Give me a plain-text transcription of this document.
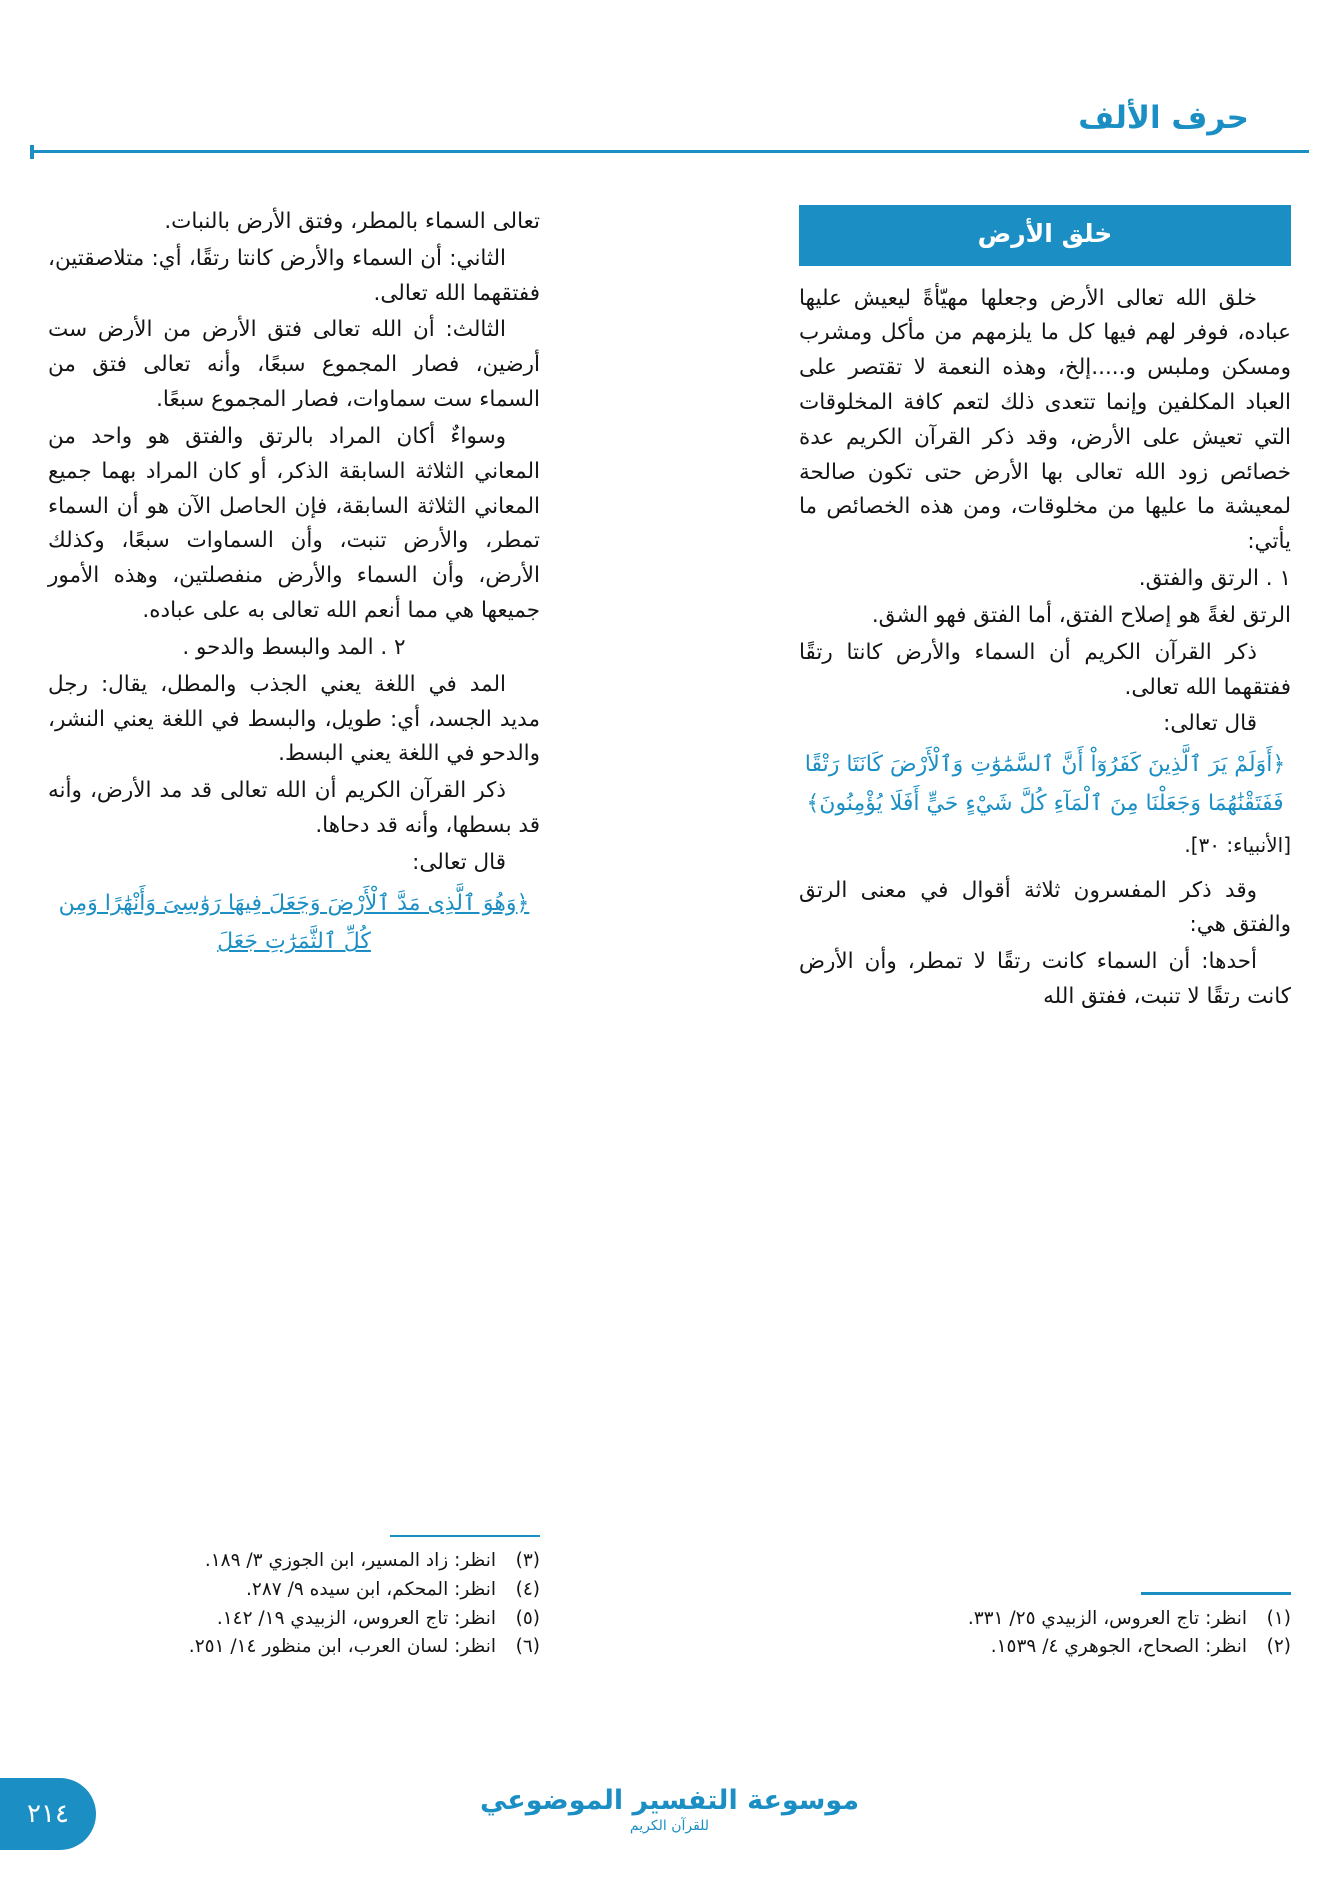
حرف الألف
خلق الأرض

خلق الله تعالى الأرض وجعلها مهيّأةً ليعيش عليها عباده، فوفر لهم فيها كل ما يلزمهم من مأكل ومشرب ومسكن وملبس و.....إلخ، وهذه النعمة لا تقتصر على العباد المكلفين وإنما تتعدى ذلك لتعم كافة المخلوقات التي تعيش على الأرض، وقد ذكر القرآن الكريم عدة خصائص زود الله تعالى بها الأرض حتى تكون صالحة لمعيشة ما عليها من مخلوقات، ومن هذه الخصائص ما يأتي:

١ . الرتق والفتق.

الرتق لغةً هو إصلاح الفتق، أما الفتق فهو الشق.

ذكر القرآن الكريم أن السماء والأرض كانتا رتقًا ففتقهما الله تعالى.

قال تعالى:

﴿أَوَلَمْ يَرَ ٱلَّذِينَ كَفَرُوٓاْ أَنَّ ٱلسَّمَٰوَٰتِ وَٱلْأَرْضَ كَانَتَا رَتْقًا فَفَتَقْنَٰهُمَا وَجَعَلْنَا مِنَ ٱلْمَآءِ كُلَّ شَيْءٍ حَيٍّ أَفَلَا يُؤْمِنُونَ﴾
[الأنبياء: ٣٠].

وقد ذكر المفسرون ثلاثة أقوال في معنى الرتق والفتق هي:

أحدها: أن السماء كانت رتقًا لا تمطر، وأن الأرض كانت رتقًا لا تنبت، ففتق الله

تعالى السماء بالمطر، وفتق الأرض بالنبات.

الثاني: أن السماء والأرض كانتا رتقًا، أي: متلاصقتين، ففتقهما الله تعالى.

الثالث: أن الله تعالى فتق الأرض من الأرض ست أرضين، فصار المجموع سبعًا، وأنه تعالى فتق من السماء ست سماوات، فصار المجموع سبعًا.

وسواءٌ أكان المراد بالرتق والفتق هو واحد من المعاني الثلاثة السابقة الذكر، أو كان المراد بهما جميع المعاني الثلاثة السابقة، فإن الحاصل الآن هو أن السماء تمطر، والأرض تنبت، وأن السماوات سبعًا، وكذلك الأرض، وأن السماء والأرض منفصلتين، وهذه الأمور جميعها هي مما أنعم الله تعالى به على عباده.

٢ . المد والبسط والدحو .

المد في اللغة يعني الجذب والمطل، يقال: رجل مديد الجسد، أي: طويل، والبسط في اللغة يعني النشر، والدحو في اللغة يعني البسط.

ذكر القرآن الكريم أن الله تعالى قد مد الأرض، وأنه قد بسطها، وأنه قد دحاها.

قال تعالى:

﴿وَهُوَ ٱلَّذِى مَدَّ ٱلْأَرْضَ وَجَعَلَ فِيهَا رَوَٰسِىَ وَأَنْهَٰرًا وَمِن كُلِّ ٱلثَّمَرَٰتِ جَعَلَ
(١)
انظر: تاج العروس، الزبيدي ٢٥/ ٣٣١.
(٢)
انظر: الصحاح، الجوهري ٤/ ١٥٣٩.
(٣)
انظر: زاد المسير، ابن الجوزي ٣/ ١٨٩.
(٤)
انظر: المحكم، ابن سيده ٩/ ٢٨٧.
(٥)
انظر: تاج العروس، الزبيدي ١٩/ ١٤٢.
(٦)
انظر: لسان العرب، ابن منظور ١٤/ ٢٥١.
موسوعة التفسير الموضوعي
للقرآن الكريم
٢١٤
